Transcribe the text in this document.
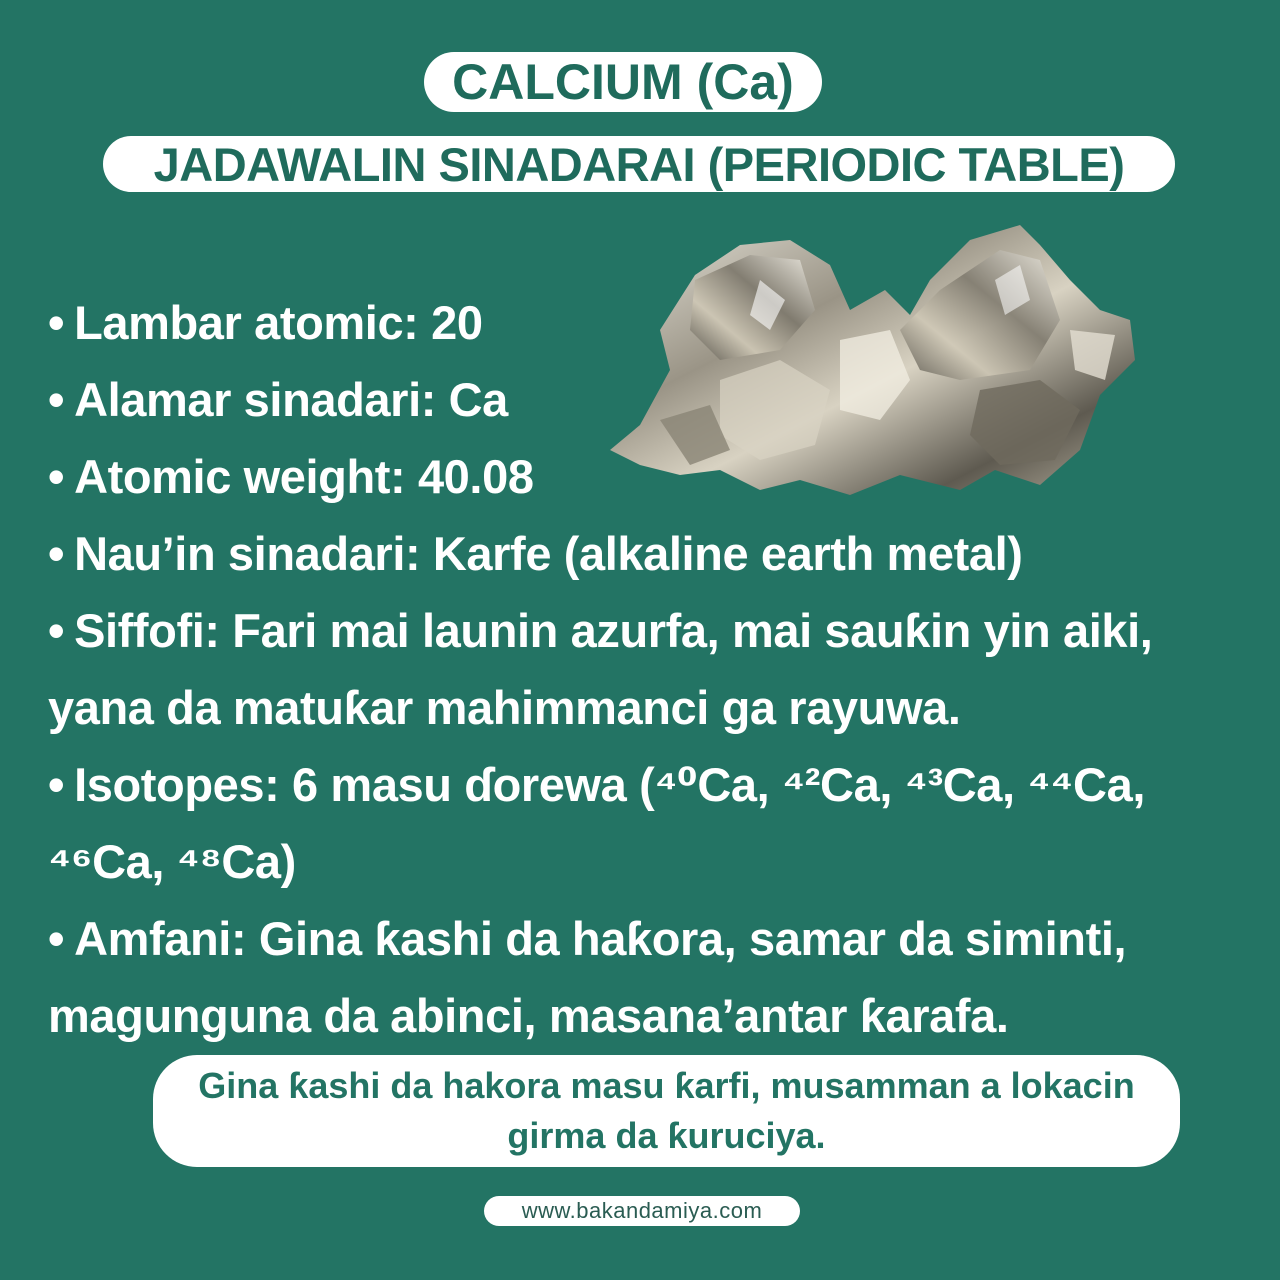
CALCIUM (Ca)
JADAWALIN SINADARAI (PERIODIC TABLE)

• Lambar atomic: 20

• Alamar sinadari: Ca

• Atomic weight: 40.08

• Nau’in sinadari: Karfe (alkaline earth metal)

• Siffofi: Fari mai launin azurfa, mai sauƙin yin aiki, yana da matuƙar mahimmanci ga rayuwa.

• Isotopes: 6 masu ɗorewa (⁴⁰Ca, ⁴²Ca, ⁴³Ca, ⁴⁴Ca, ⁴⁶Ca, ⁴⁸Ca)

• Amfani: Gina ƙashi da haƙora, samar da siminti, magunguna da abinci, masana’antar ƙarafa.

Gina ƙashi da hakora masu ƙarfi, musamman a lokacin girma da ƙuruciya.
www.bakandamiya.com
